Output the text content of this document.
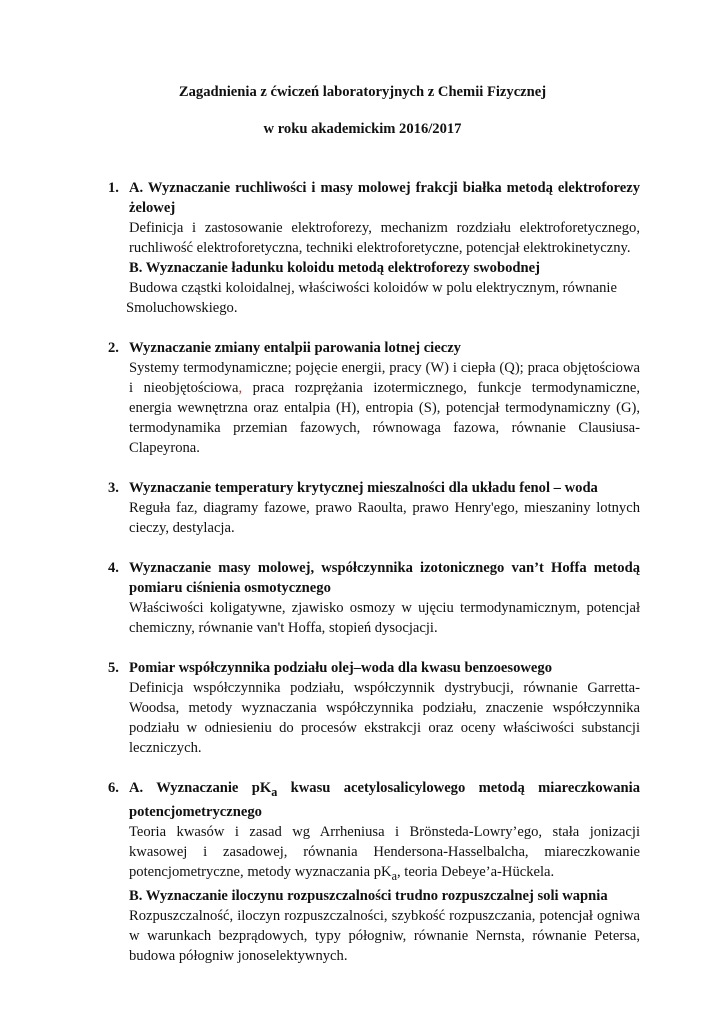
Zagadnienia z ćwiczeń laboratoryjnych z Chemii Fizycznej

w roku akademickim 2016/2017

1. A. Wyznaczanie ruchliwości i masy molowej frakcji białka metodą elektroforezy żelowej
Definicja i zastosowanie elektroforezy, mechanizm rozdziału elektroforetycznego, ruchliwość elektroforetyczna, techniki elektroforetyczne, potencjał elektrokinetyczny.
B. Wyznaczanie ładunku koloidu metodą elektroforezy swobodnej
Budowa cząstki koloidalnej, właściwości koloidów w polu elektrycznym, równanie
Smoluchowskiego.
2. Wyznaczanie zmiany entalpii parowania lotnej cieczy
Systemy termodynamiczne; pojęcie energii, pracy (W) i ciepła (Q); praca objętościowa i nieobjętościowa, praca rozprężania izotermicznego, funkcje termodynamiczne, energia wewnętrzna oraz entalpia (H), entropia (S), potencjał termodynamiczny (G), termodynamika przemian fazowych, równowaga fazowa, równanie Clausiusa-Clapeyrona.
3. Wyznaczanie temperatury krytycznej mieszalności dla układu fenol – woda
Reguła faz, diagramy fazowe, prawo Raoulta, prawo Henry'ego, mieszaniny lotnych cieczy, destylacja.
4. Wyznaczanie masy molowej, współczynnika izotonicznego van’t Hoffa metodą pomiaru ciśnienia osmotycznego
Właściwości koligatywne, zjawisko osmozy w ujęciu termodynamicznym, potencjał chemiczny, równanie van't Hoffa, stopień dysocjacji.
5. Pomiar współczynnika podziału olej–woda dla kwasu benzoesowego
Definicja współczynnika podziału, współczynnik dystrybucji, równanie Garretta-Woodsa, metody wyznaczania współczynnika podziału, znaczenie współczynnika podziału w odniesieniu do procesów ekstrakcji oraz oceny właściwości substancji leczniczych.
6. A. Wyznaczanie $pK_a$ kwasu acetylosalicylowego metodą miareczkowania potencjometrycznego
Teoria kwasów i zasad wg Arrheniusa i Brönsteda-Lowry’ego, stała jonizacji kwasowej i zasadowej, równania Hendersona-Hasselbalcha, miareczkowanie potencjometryczne, metody wyznaczania $pK_a$, teoria Debeye’a-Hückela.
B. Wyznaczanie iloczynu rozpuszczalności trudno rozpuszczalnej soli wapnia
Rozpuszczalność, iloczyn rozpuszczalności, szybkość rozpuszczania, potencjał ogniwa w warunkach bezprądowych, typy półogniw, równanie Nernsta, równanie Petersa, budowa półogniw jonoselektywnych.
